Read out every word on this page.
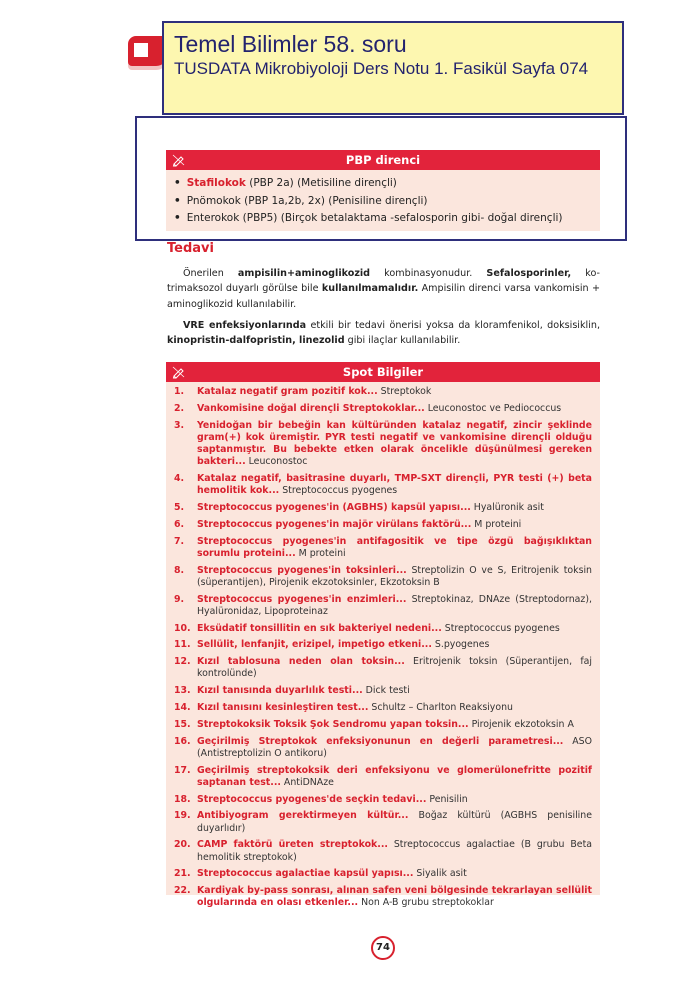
Temel Bilimler 58. soru
TUSDATA Mikrobiyoloji Ders Notu 1. Fasikül Sayfa 074
PBP direnci
• Stafilokok (PBP 2a) (Metisiline dirençli)
• Pnömokok (PBP 1a,2b, 2x) (Penisiline dirençli)
• Enterokok (PBP5) (Birçok betalaktama -sefalosporin gibi- doğal dirençli)
Tedavi

Önerilen ampisilin+aminoglikozid kombinasyonudur. Sefalosporinler, ko-trimaksozol duyarlı görülse bile kullanılmamalıdır. Ampisilin direnci varsa vankomisin + aminoglikozid kullanılabilir.

VRE enfeksiyonlarında etkili bir tedavi önerisi yoksa da kloramfenikol, doksisiklin, kinopristin-dalfopristin, linezolid gibi ilaçlar kullanılabilir.

Spot Bilgiler
1.	Katalaz negatif gram pozitif kok... Streptokok
2.	Vankomisine doğal dirençli Streptokoklar... Leuconostoc ve Pediococcus
3.	Yenidoğan bir bebeğin kan kültüründen katalaz negatif, zincir şeklinde gram(+) kok üremiştir. PYR testi negatif ve vankomisine dirençli olduğu saptanmıştır. Bu bebekte etken olarak öncelikle düşünülmesi gereken bakteri... Leuconostoc
4.	Katalaz negatif, basitrasine duyarlı, TMP-SXT dirençli, PYR testi (+) beta hemolitik kok... Streptococcus pyogenes
5.	Streptococcus pyogenes'in (AGBHS) kapsül yapısı... Hyalüronik asit
6.	Streptococcus pyogenes'in majör virülans faktörü... M proteini
7.	Streptococcus pyogenes'in antifagositik ve tipe özgü bağışıklıktan sorumlu proteini... M proteini
8.	Streptococcus pyogenes'in toksinleri... Streptolizin O ve S, Eritrojenik toksin (süperantijen), Pirojenik ekzotoksinler, Ekzotoksin B
9.	Streptococcus pyogenes'in enzimleri... Streptokinaz, DNAze (Streptodornaz), Hyalüronidaz, Lipoproteinaz
10. Eksüdatif tonsillitin en sık bakteriyel nedeni... Streptococcus pyogenes
11. Sellülit, lenfanjit, erizipel, impetigo etkeni... S.pyogenes
12. Kızıl tablosuna neden olan toksin... Eritrojenik toksin (Süperantijen, faj kontrolünde)
13. Kızıl tanısında duyarlılık testi... Dick testi
14. Kızıl tanısını kesinleştiren test... Schultz – Charlton Reaksiyonu
15. Streptokoksik Toksik Şok Sendromu yapan toksin... Pirojenik ekzotoksin A
16. Geçirilmiş Streptokok enfeksiyonunun en değerli parametresi... ASO (Antistreptolizin O antikoru)
17. Geçirilmiş streptokoksik deri enfeksiyonu ve glomerülonefritte pozitif saptanan test... AntiDNAze
18. Streptococcus pyogenes'de seçkin tedavi... Penisilin
19. Antibiyogram gerektirmeyen kültür... Boğaz kültürü (AGBHS penisiline duyarlıdır)
20. CAMP faktörü üreten streptokok... Streptococcus agalactiae (B grubu Beta hemolitik streptokok)
21. Streptococcus agalactiae kapsül yapısı... Siyalik asit
22. Kardiyak by-pass sonrası, alınan safen veni bölgesinde tekrarlayan sellülit olgularında en olası etkenler... Non A-B grubu streptokoklar
74
